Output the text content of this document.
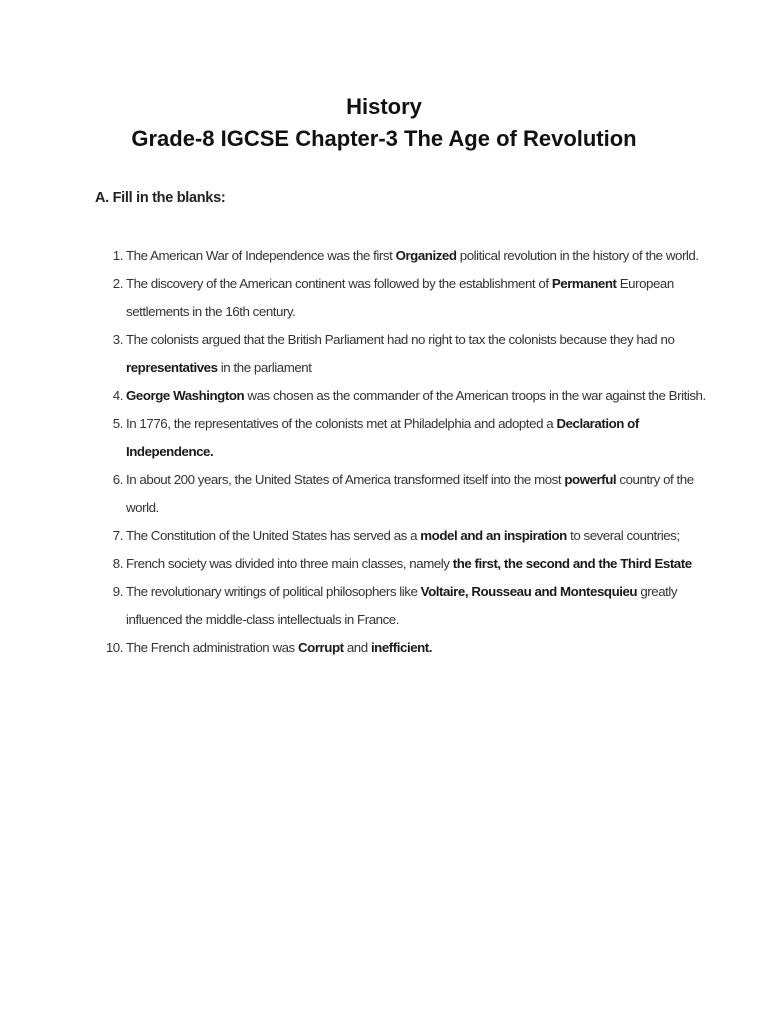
History
Grade-8 IGCSE Chapter-3 The Age of Revolution
A. Fill in the blanks:
1. The American War of Independence was the first Organized political revolution in the history of the world.
2. The discovery of the American continent was followed by the establishment of Permanent European settlements in the 16th century.
3. The colonists argued that the British Parliament had no right to tax the colonists because they had no representatives in the parliament
4. George Washington was chosen as the commander of the American troops in the war against the British.
5. In 1776, the representatives of the colonists met at Philadelphia and adopted a Declaration of Independence.
6. In about 200 years, the United States of America transformed itself into the most powerful country of the world.
7. The Constitution of the United States has served as a model and an inspiration to several countries;
8. French society was divided into three main classes, namely the first, the second and the Third Estate
9. The revolutionary writings of political philosophers like Voltaire, Rousseau and Montesquieu greatly influenced the middle-class intellectuals in France.
10. The French administration was Corrupt and inefficient.
